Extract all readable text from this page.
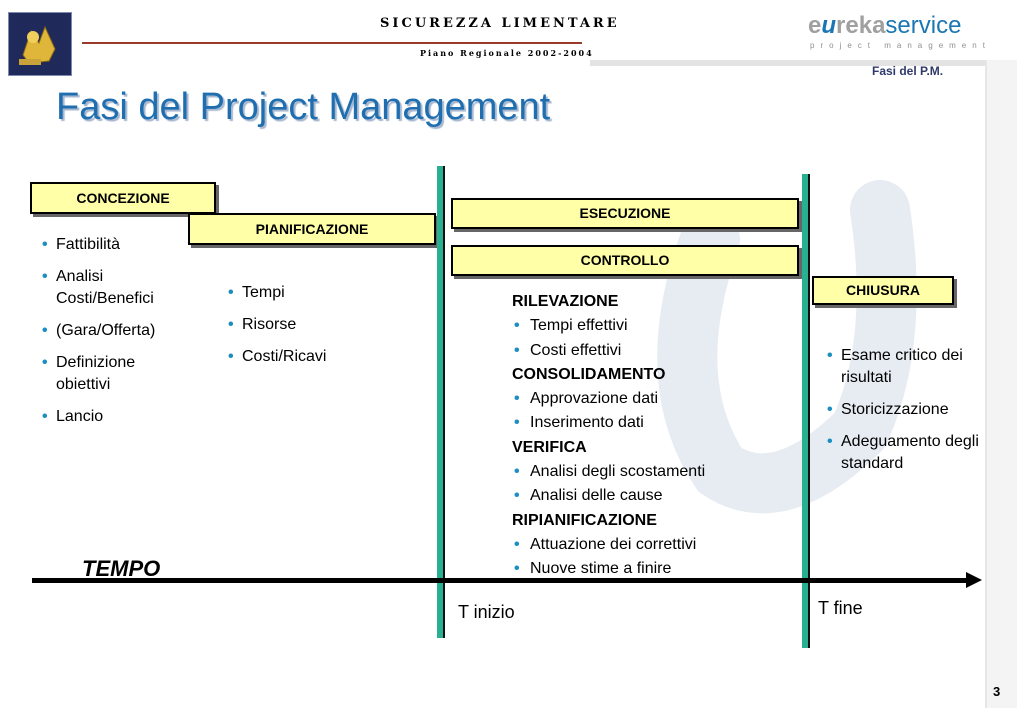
SICUREZZA LIMENTARE
Piano Regionale 2002-2004
eurekaservice
project management
Fasi del P.M.
Fasi del Project Management
CONCEZIONE
PIANIFICAZIONE
ESECUZIONE
CONTROLLO
CHIUSURA
• Fattibilità
• Analisi Costi/Benefici
• (Gara/Offerta)
• Definizione obiettivi
• Lancio
• Tempi
• Risorse
• Costi/Ricavi
RILEVAZIONE
• Tempi effettivi
• Costi effettivi
CONSOLIDAMENTO
• Approvazione dati
• Inserimento dati
VERIFICA
• Analisi degli scostamenti
• Analisi delle cause
RIPIANIFICAZIONE
• Attuazione dei correttivi
• Nuove stime a finire
• Esame critico dei risultati
• Storicizzazione
• Adeguamento degli standard
TEMPO
T inizio	T fine
3
